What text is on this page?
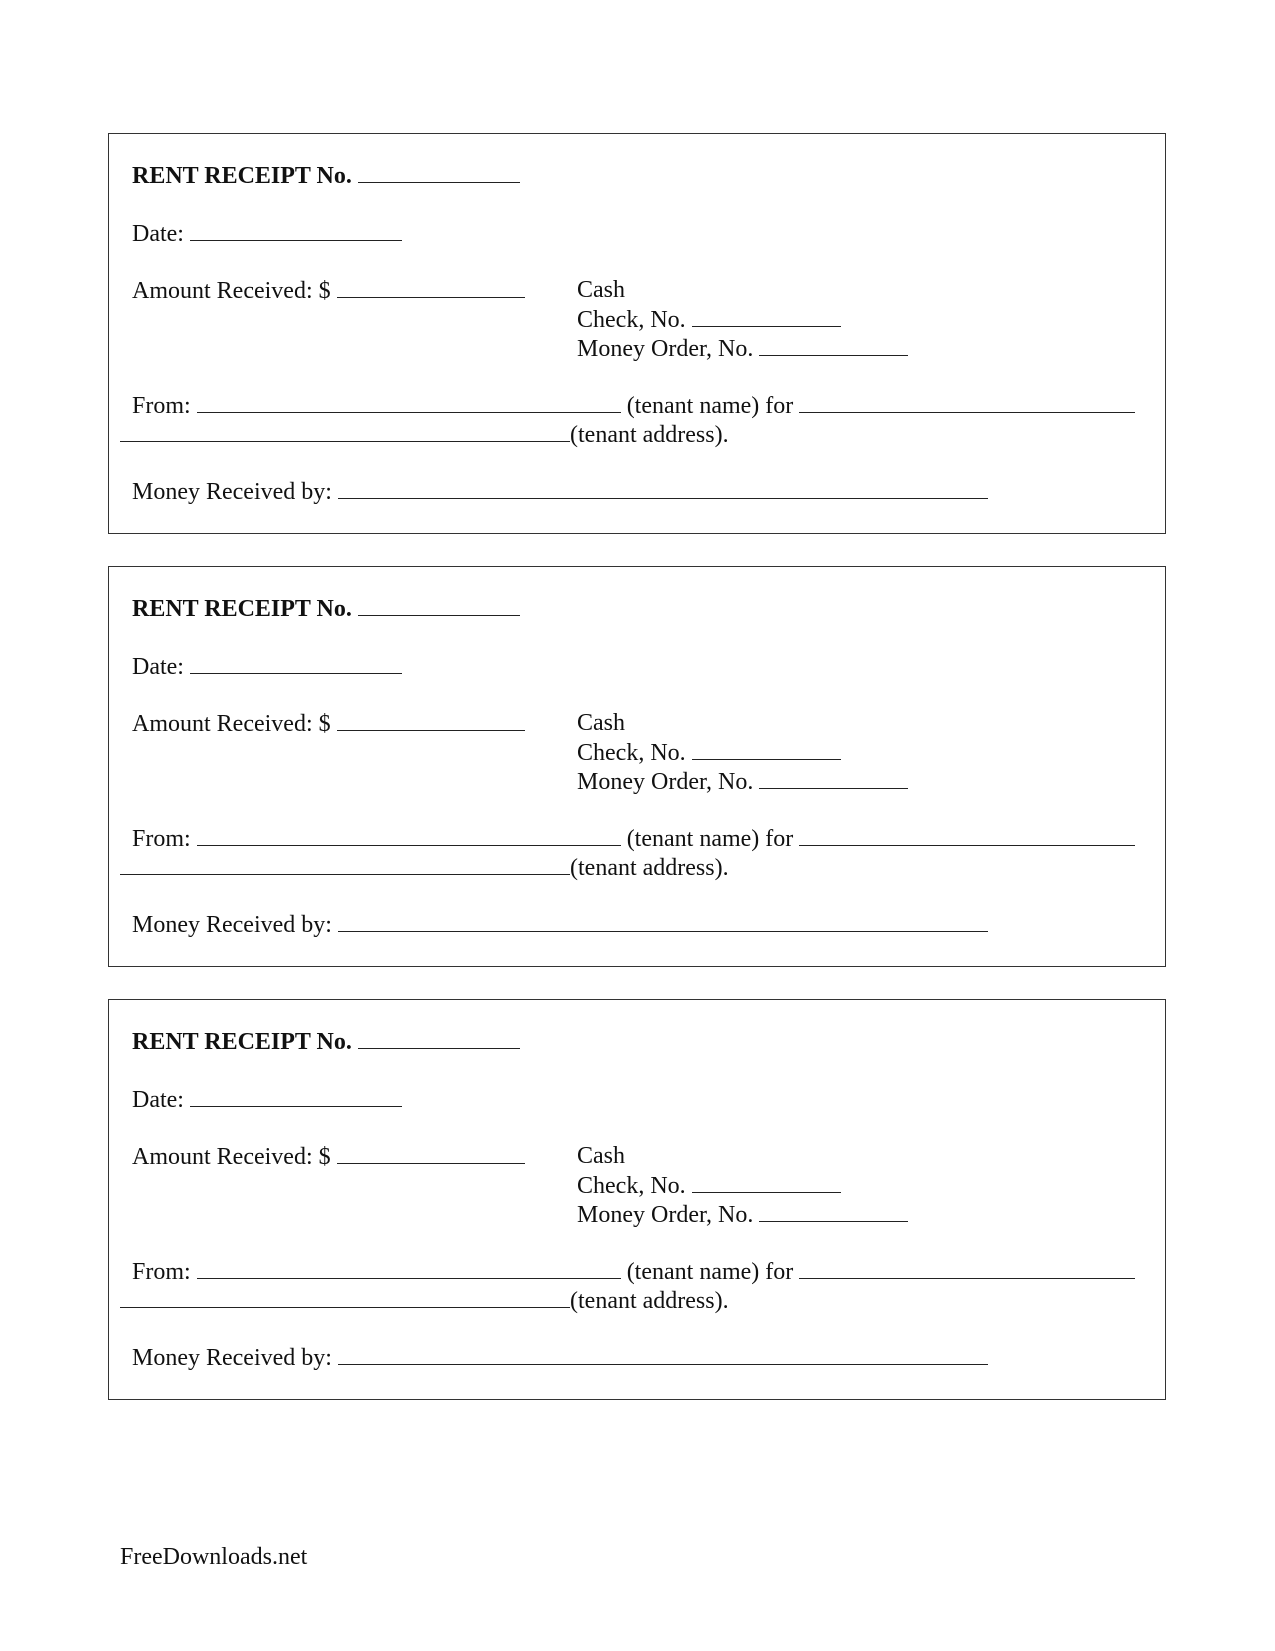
RENT RECEIPT No.
Date:
Amount Received: $	Cash
Check, No.
Money Order, No.
From:	(tenant name) for
(tenant address).
Money Received by:
RENT RECEIPT No.
Date:
Amount Received: $	Cash
Check, No.
Money Order, No.
From:	(tenant name) for
(tenant address).
Money Received by:
RENT RECEIPT No.
Date:
Amount Received: $	Cash
Check, No.
Money Order, No.
From:	(tenant name) for
(tenant address).
Money Received by:
FreeDownloads.net
